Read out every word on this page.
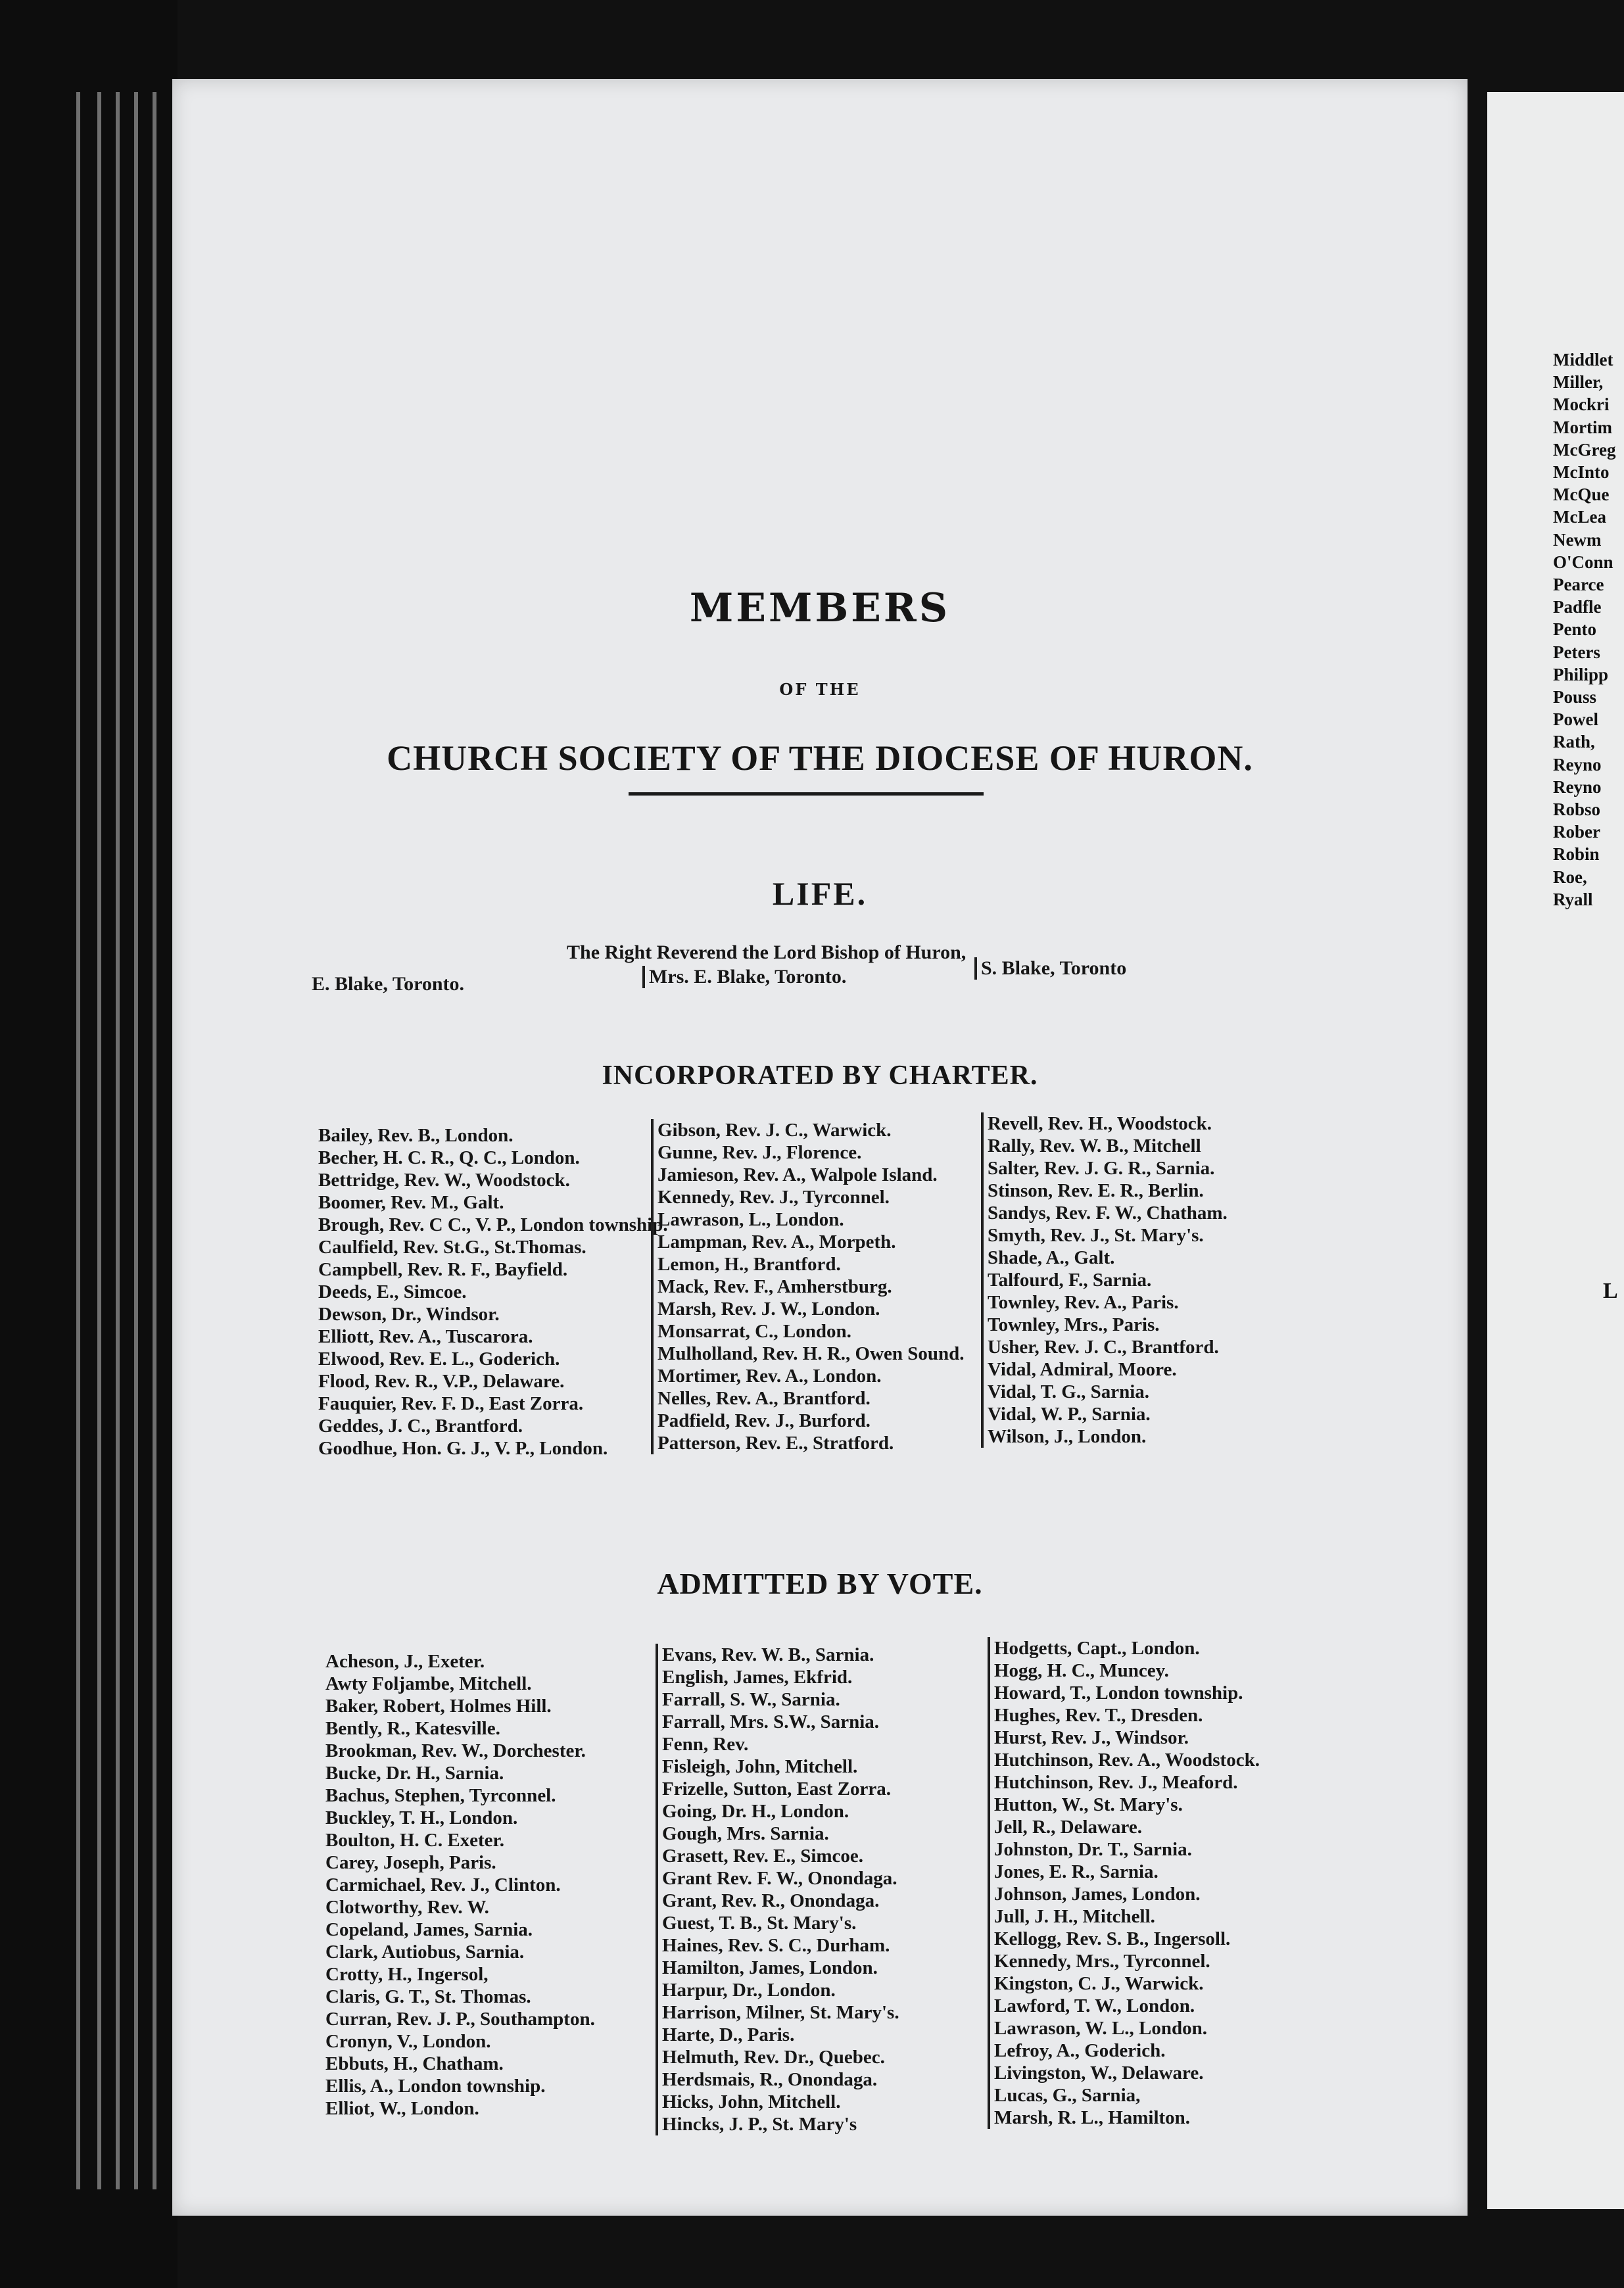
MEMBERS
OF THE
CHURCH SOCIETY OF THE DIOCESE OF HURON.
LIFE.
The Right Reverend the Lord Bishop of Huron,
E. Blake, Toronto.	Mrs. E. Blake, Toronto.	S. Blake, Toronto
INCORPORATED BY CHARTER.
Bailey, Rev. B., London.
Becher, H. C. R., Q. C., London.
Bettridge, Rev. W., Woodstock.
Boomer, Rev. M., Galt.
Brough, Rev. C C., V. P., London township.
Caulfield, Rev. St.G., St.Thomas.
Campbell, Rev. R. F., Bayfield.
Deeds, E., Simcoe.
Dewson, Dr., Windsor.
Elliott, Rev. A., Tuscarora.
Elwood, Rev. E. L., Goderich.
Flood, Rev. R., V.P., Delaware.
Fauquier, Rev. F. D., East Zorra.
Geddes, J. C., Brantford.
Goodhue, Hon. G. J., V. P., London.
Gibson, Rev. J. C., Warwick.
Gunne, Rev. J., Florence.
Jamieson, Rev. A., Walpole Island.
Kennedy, Rev. J., Tyrconnel.
Lawrason, L., London.
Lampman, Rev. A., Morpeth.
Lemon, H., Brantford.
Mack, Rev. F., Amherstburg.
Marsh, Rev. J. W., London.
Monsarrat, C., London.
Mulholland, Rev. H. R., Owen Sound.
Mortimer, Rev. A., London.
Nelles, Rev. A., Brantford.
Padfield, Rev. J., Burford.
Patterson, Rev. E., Stratford.
Revell, Rev. H., Woodstock.
Rally, Rev. W. B., Mitchell
Salter, Rev. J. G. R., Sarnia.
Stinson, Rev. E. R., Berlin.
Sandys, Rev. F. W., Chatham.
Smyth, Rev. J., St. Mary's.
Shade, A., Galt.
Talfourd, F., Sarnia.
Townley, Rev. A., Paris.
Townley, Mrs., Paris.
Usher, Rev. J. C., Brantford.
Vidal, Admiral, Moore.
Vidal, T. G., Sarnia.
Vidal, W. P., Sarnia.
Wilson, J., London.
ADMITTED BY VOTE.
Acheson, J., Exeter.
Awty Foljambe, Mitchell.
Baker, Robert, Holmes Hill.
Bently, R., Katesville.
Brookman, Rev. W., Dorchester.
Bucke, Dr. H., Sarnia.
Bachus, Stephen, Tyrconnel.
Buckley, T. H., London.
Boulton, H. C. Exeter.
Carey, Joseph, Paris.
Carmichael, Rev. J., Clinton.
Clotworthy, Rev. W.
Copeland, James, Sarnia.
Clark, Autiobus, Sarnia.
Crotty, H., Ingersol,
Claris, G. T., St. Thomas.
Curran, Rev. J. P., Southampton.
Cronyn, V., London.
Ebbuts, H., Chatham.
Ellis, A., London township.
Elliot, W., London.
Evans, Rev. W. B., Sarnia.
English, James, Ekfrid.
Farrall, S. W., Sarnia.
Farrall, Mrs. S.W., Sarnia.
Fenn, Rev.
Fisleigh, John, Mitchell.
Frizelle, Sutton, East Zorra.
Going, Dr. H., London.
Gough, Mrs. Sarnia.
Grasett, Rev. E., Simcoe.
Grant Rev. F. W., Onondaga.
Grant, Rev. R., Onondaga.
Guest, T. B., St. Mary's.
Haines, Rev. S. C., Durham.
Hamilton, James, London.
Harpur, Dr., London.
Harrison, Milner, St. Mary's.
Harte, D., Paris.
Helmuth, Rev. Dr., Quebec.
Herdsmais, R., Onondaga.
Hicks, John, Mitchell.
Hincks, J. P., St. Mary's
Hodgetts, Capt., London.
Hogg, H. C., Muncey.
Howard, T., London township.
Hughes, Rev. T., Dresden.
Hurst, Rev. J., Windsor.
Hutchinson, Rev. A., Woodstock.
Hutchinson, Rev. J., Meaford.
Hutton, W., St. Mary's.
Jell, R., Delaware.
Johnston, Dr. T., Sarnia.
Jones, E. R., Sarnia.
Johnson, James, London.
Jull, J. H., Mitchell.
Kellogg, Rev. S. B., Ingersoll.
Kennedy, Mrs., Tyrconnel.
Kingston, C. J., Warwick.
Lawford, T. W., London.
Lawrason, W. L., London.
Lefroy, A., Goderich.
Livingston, W., Delaware.
Lucas, G., Sarnia,
Marsh, R. L., Hamilton.
Middlet
Miller,
Mockri
Mortim
McGreg
McInto
McQue
McLea
Newm
O'Conn
Pearce
Padfle
Pento
Peters
Philipp
Pouss
Powel
Rath,
Reyno
Reyno
Robso
Rober
Robin
Roe,
Ryall
L
